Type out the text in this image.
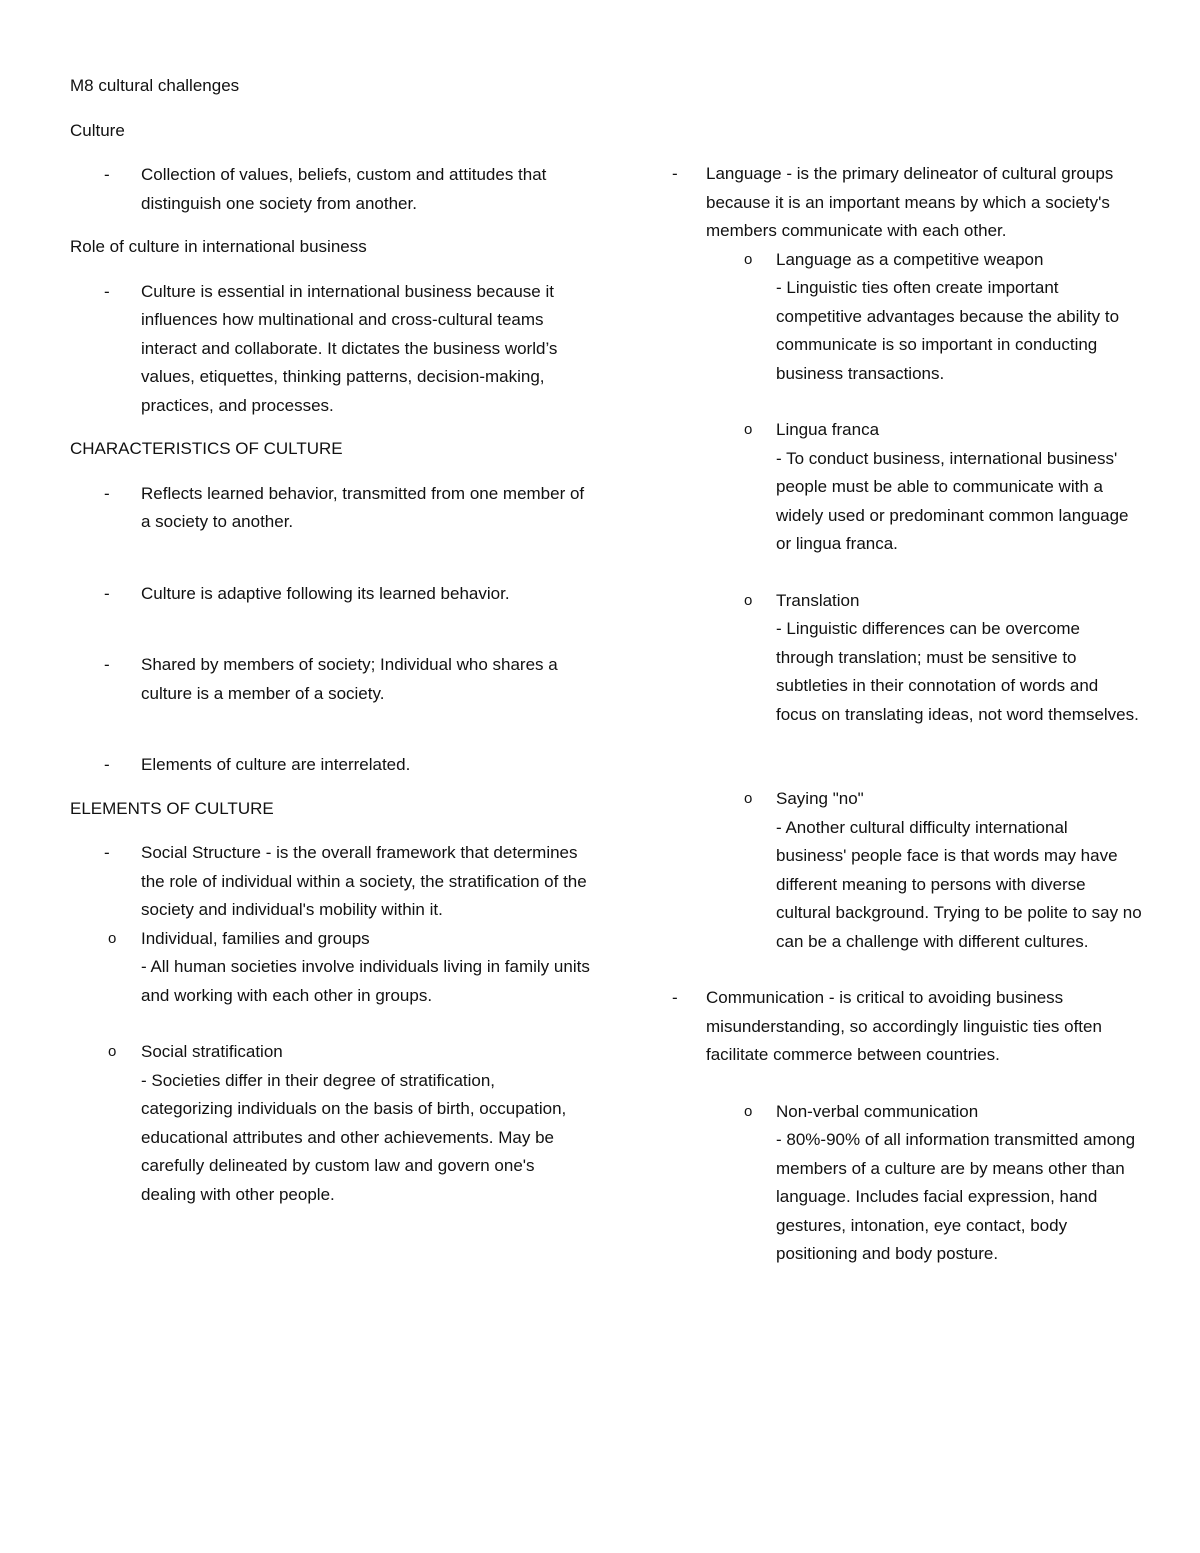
M8 cultural challenges
Culture
- Collection of values, beliefs, custom and attitudes that distinguish one society from another.
Role of culture in international business
- Culture is essential in international business because it influences how multinational and cross-cultural teams interact and collaborate. It dictates the business world’s values, etiquettes, thinking patterns, decision-making, practices, and processes.
CHARACTERISTICS OF CULTURE
- Reflects learned behavior, transmitted from one member of a society to another.
- Culture is adaptive following its learned behavior.
- Shared by members of society; Individual who shares a culture is a member of a society.
- Elements of culture are interrelated.
ELEMENTS OF CULTURE
- Social Structure - is the overall framework that determines the role of individual within a society, the stratification of the society and individual's mobility within it.
o Individual, families and groups
- All human societies involve individuals living in family units and working with each other in groups.
o Social stratification
- Societies differ in their degree of stratification, categorizing individuals on the basis of birth, occupation, educational attributes and other achievements. May be carefully delineated by custom law and govern one's dealing with other people.
- Language - is the primary delineator of cultural groups because it is an important means by which a society's members communicate with each other.
o Language as a competitive weapon
- Linguistic ties often create important competitive advantages because the ability to communicate is so important in conducting business transactions.
o Lingua franca
- To conduct business, international business' people must be able to communicate with a widely used or predominant common language or lingua franca.
o Translation
- Linguistic differences can be overcome through translation; must be sensitive to subtleties in their connotation of words and focus on translating ideas, not word themselves.
o Saying "no"
- Another cultural difficulty international business' people face is that words may have different meaning to persons with diverse cultural background. Trying to be polite to say no can be a challenge with different cultures.
- Communication - is critical to avoiding business misunderstanding, so accordingly linguistic ties often facilitate commerce between countries.
o Non-verbal communication
- 80%-90% of all information transmitted among members of a culture are by means other than language. Includes facial expression, hand gestures, intonation, eye contact, body positioning and body posture.
